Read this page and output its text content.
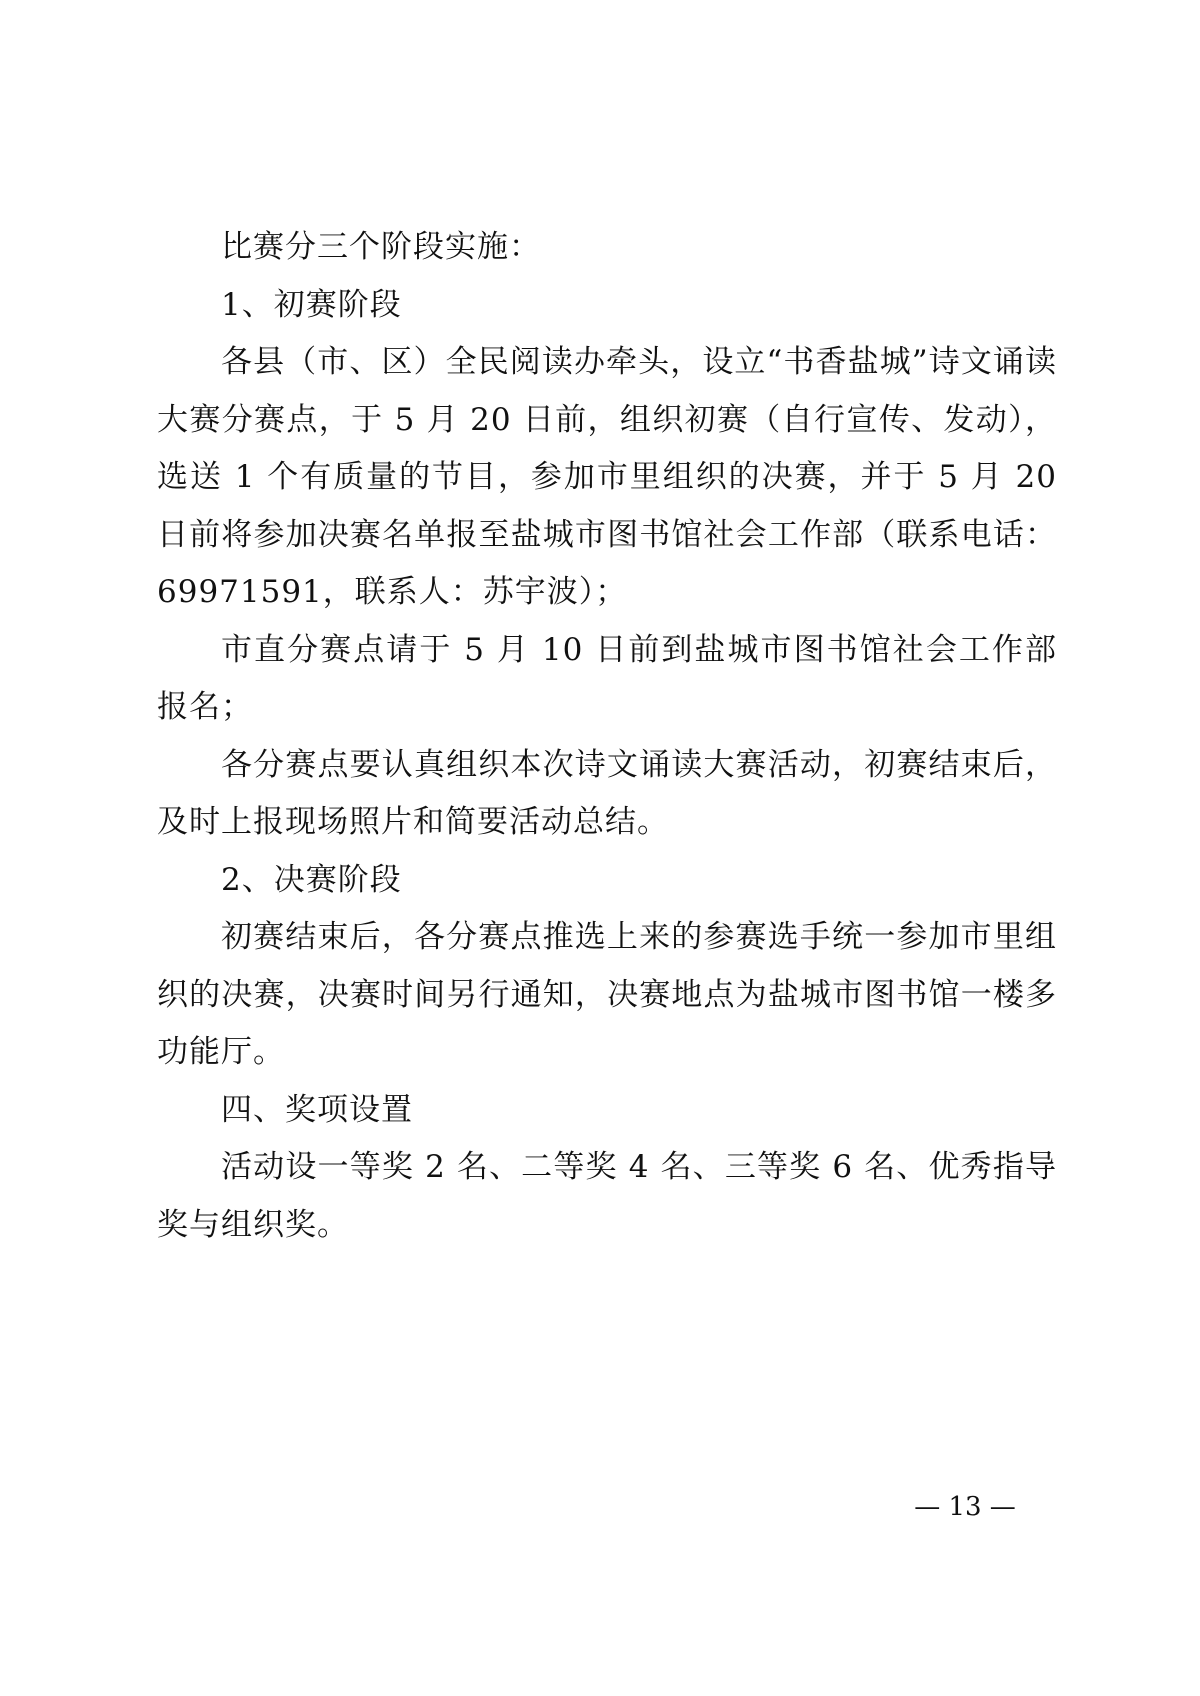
比赛分三个阶段实施：

1、初赛阶段

各县（市、区）全民阅读办牵头，设立“书香盐城”诗文诵读大赛分赛点，于 5 月 20 日前，组织初赛（自行宣传、发动），选送 1 个有质量的节目，参加市里组织的决赛，并于 5 月 20 日前将参加决赛名单报至盐城市图书馆社会工作部（联系电话：69971591，联系人：苏宇波）；

市直分赛点请于 5 月 10 日前到盐城市图书馆社会工作部报名；

各分赛点要认真组织本次诗文诵读大赛活动，初赛结束后，及时上报现场照片和简要活动总结。

2、决赛阶段

初赛结束后，各分赛点推选上来的参赛选手统一参加市里组织的决赛，决赛时间另行通知，决赛地点为盐城市图书馆一楼多功能厅。

四、奖项设置

活动设一等奖 2 名、二等奖 4 名、三等奖 6 名、优秀指导奖与组织奖。

— 13 —
